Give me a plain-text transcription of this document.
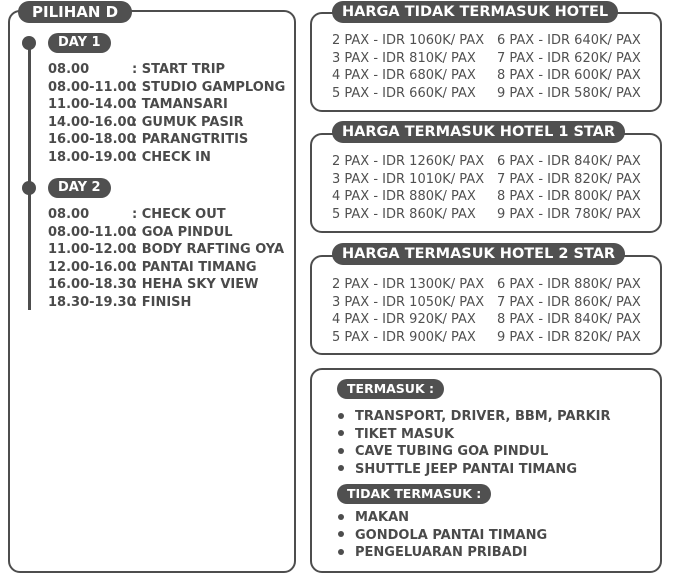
PILIHAN D
DAY 1
08.00	: START TRIP
08.00-11.00: STUDIO GAMPLONG
11.00-14.00: TAMANSARI
14.00-16.00: GUMUK PASIR
16.00-18.00: PARANGTRITIS
18.00-19.00: CHECK IN
DAY 2
08.00	: CHECK OUT
08.00-11.00: GOA PINDUL
11.00-12.00: BODY RAFTING OYA
12.00-16.00: PANTAI TIMANG
16.00-18.30: HEHA SKY VIEW
18.30-19.30: FINISH
HARGA TIDAK TERMASUK HOTEL
2 PAX - IDR 1060K/ PAX 6 PAX - IDR 640K/ PAX
3 PAX - IDR 810K/ PAX	7 PAX - IDR 620K/ PAX
4 PAX - IDR 680K/ PAX	8 PAX - IDR 600K/ PAX
5 PAX - IDR 660K/ PAX	9 PAX - IDR 580K/ PAX
HARGA TERMASUK HOTEL 1 STAR
2 PAX - IDR 1260K/ PAX 6 PAX - IDR 840K/ PAX
3 PAX - IDR 1010K/ PAX 7 PAX - IDR 820K/ PAX
4 PAX - IDR 880K/ PAX	8 PAX - IDR 800K/ PAX
5 PAX - IDR 860K/ PAX	9 PAX - IDR 780K/ PAX
HARGA TERMASUK HOTEL 2 STAR
2 PAX - IDR 1300K/ PAX 6 PAX - IDR 880K/ PAX
3 PAX - IDR 1050K/ PAX 7 PAX - IDR 860K/ PAX
4 PAX - IDR 920K/ PAX	8 PAX - IDR 840K/ PAX
5 PAX - IDR 900K/ PAX	9 PAX - IDR 820K/ PAX
TERMASUK :
TRANSPORT, DRIVER, BBM, PARKIR
TIKET MASUK
CAVE TUBING GOA PINDUL
SHUTTLE JEEP PANTAI TIMANG
TIDAK TERMASUK :
MAKAN
GONDOLA PANTAI TIMANG
PENGELUARAN PRIBADI
